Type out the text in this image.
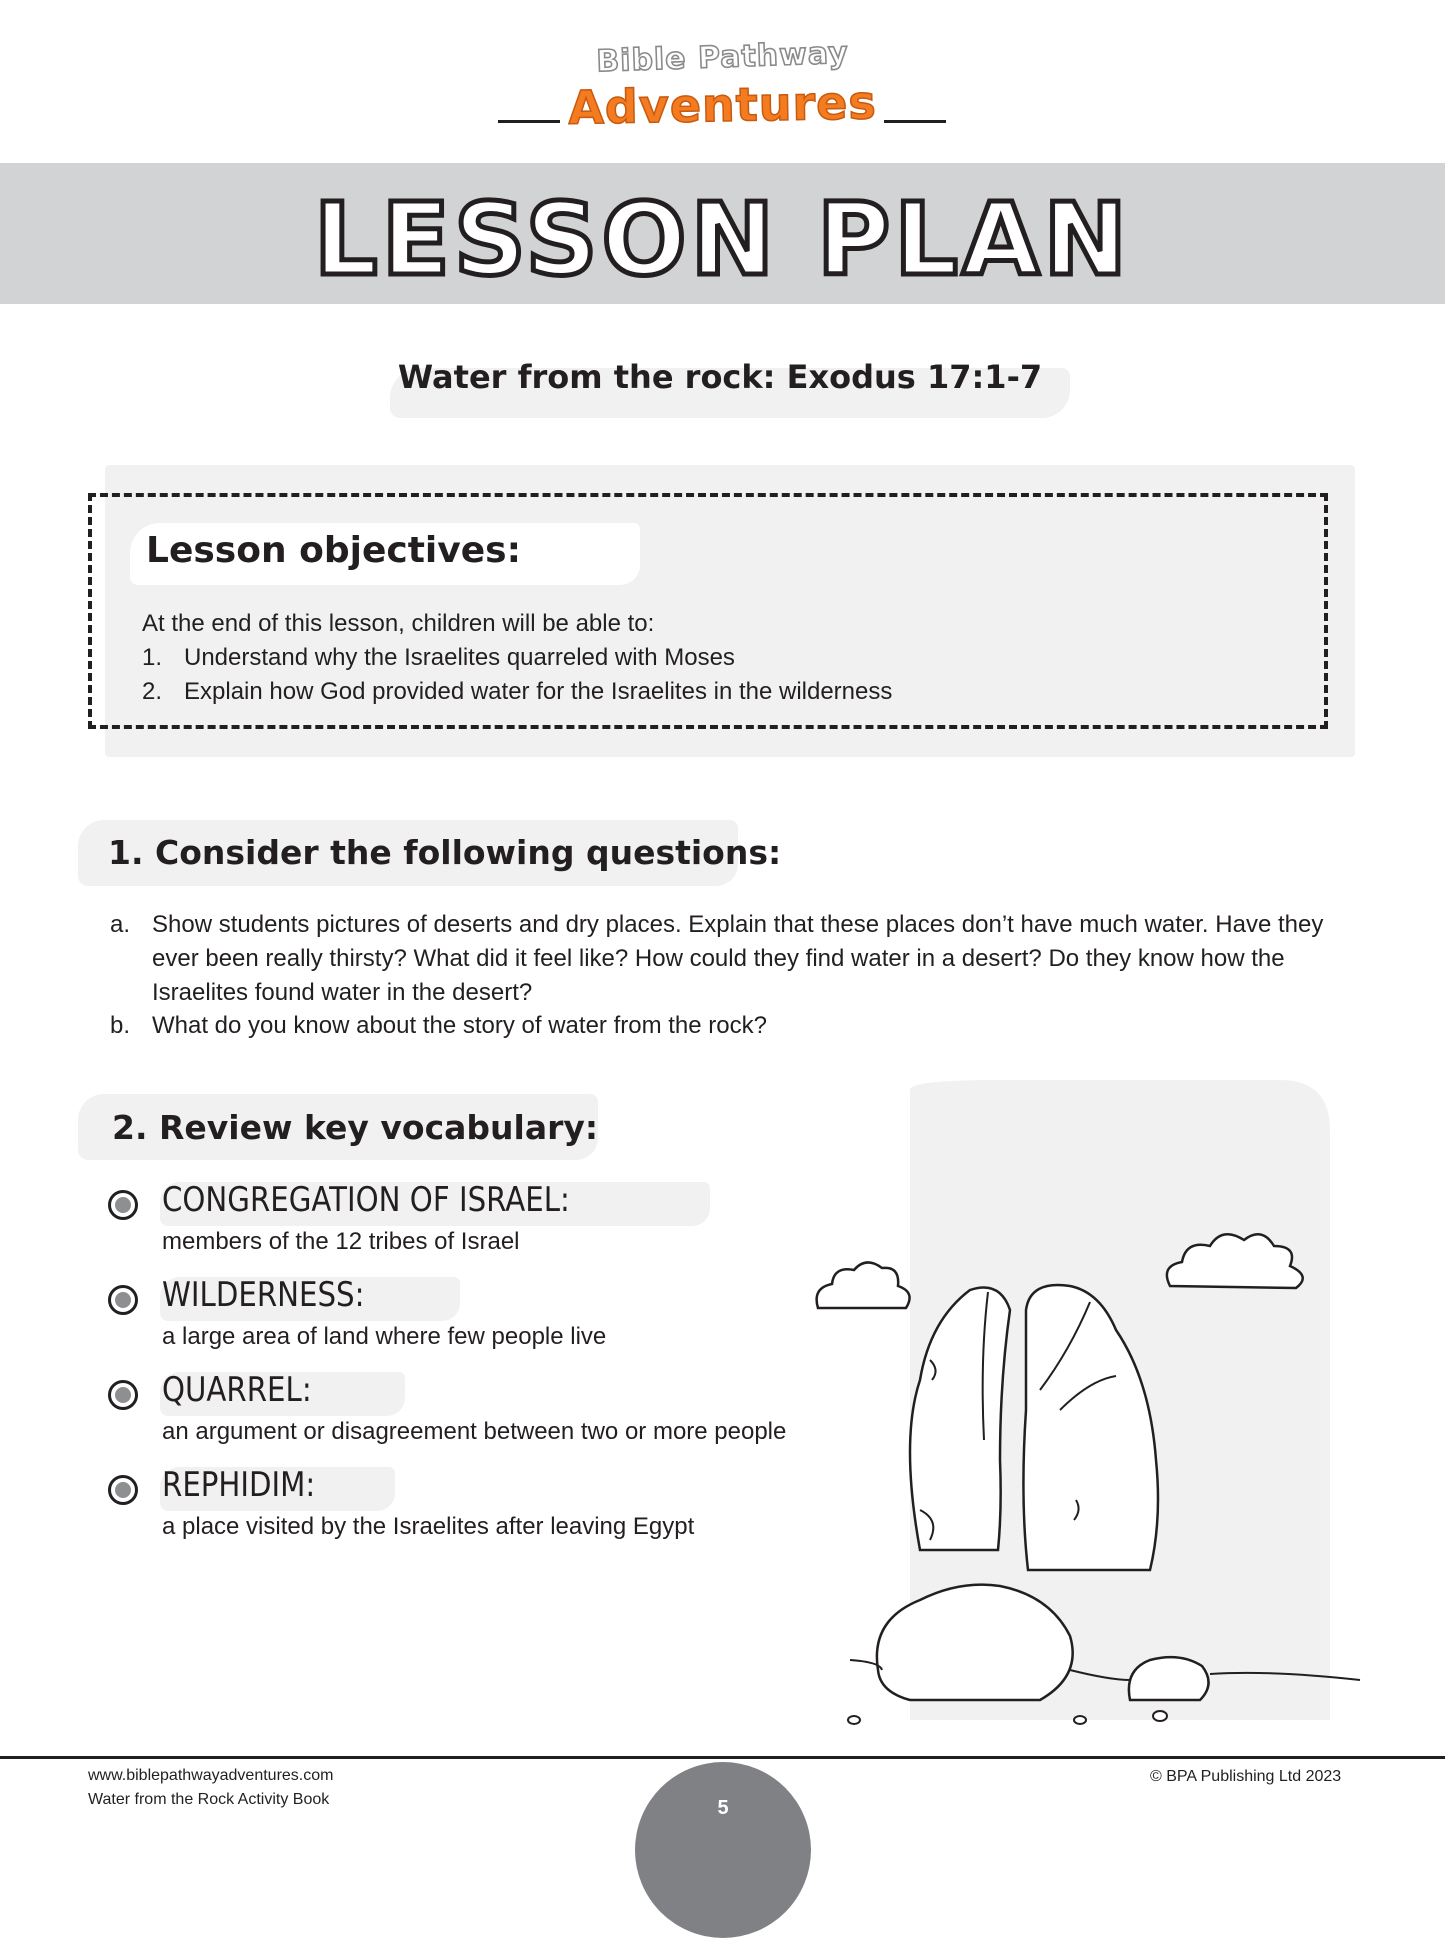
Bible Pathway
Adventures
LESSON PLAN
Water from the rock: Exodus 17:1-7
Lesson objectives:
At the end of this lesson, children will be able to:
1. Understand why the Israelites quarreled with Moses
2. Explain how God provided water for the Israelites in the wilderness
1. Consider the following questions:
a. Show students pictures of deserts and dry places. Explain that these places don’t have much water. Have they ever been really thirsty? What did it feel like? How could they find water in a desert? Do they know how the Israelites found water in the desert?
b. What do you know about the story of water from the rock?
2. Review key vocabulary:
CONGREGATION OF ISRAEL:
members of the 12 tribes of Israel
WILDERNESS:
a large area of land where few people live
QUARREL:
an argument or disagreement between two or more people
REPHIDIM:
a place visited by the Israelites after leaving Egypt
www.biblepathwayadventures.com
Water from the Rock Activity Book
© BPA Publishing Ltd 2023
5
